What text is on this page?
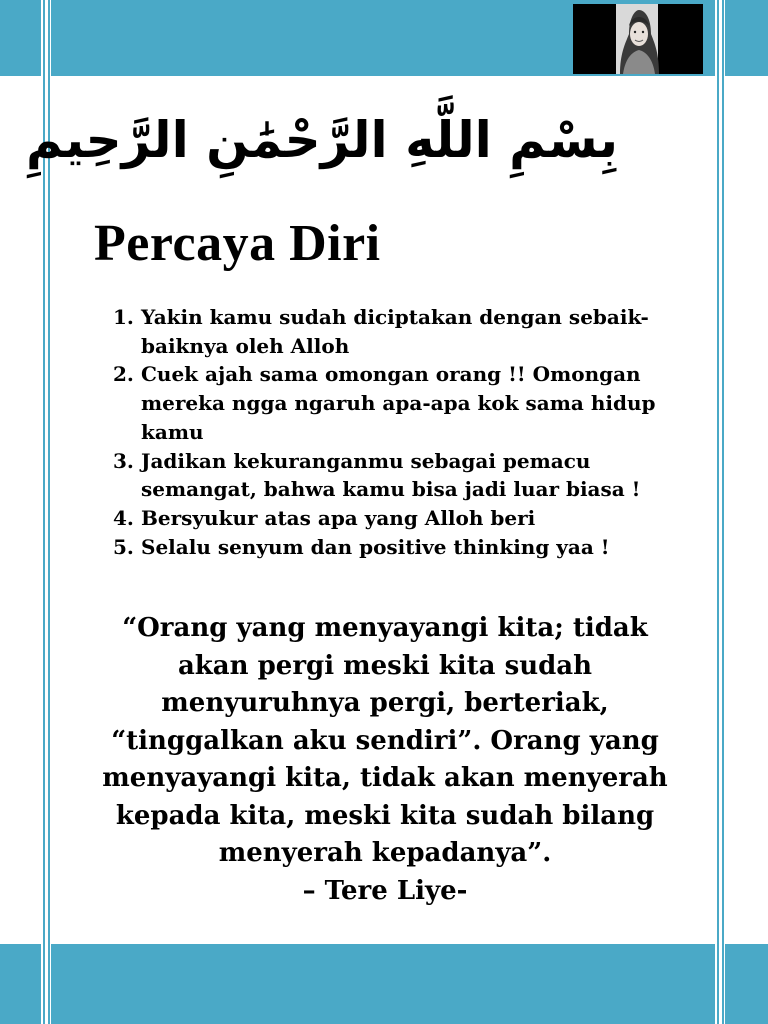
بِسْمِ اللَّهِ الرَّحْمَٰنِ الرَّحِيمِ
Percaya Diri
1. Yakin kamu sudah diciptakan dengan sebaik-baiknya oleh Alloh
2. Cuek ajah sama omongan orang !! Omongan mereka ngga ngaruh apa-apa kok sama hidup kamu
3. Jadikan kekuranganmu sebagai pemacu semangat, bahwa kamu bisa jadi luar biasa !
4. Bersyukur atas apa yang Alloh beri
5. Selalu senyum dan positive thinking yaa !
“Orang yang menyayangi kita; tidak akan pergi meski kita sudah menyuruhnya pergi, berteriak, “tinggalkan aku sendiri”. Orang yang menyayangi kita, tidak akan menyerah kepada kita, meski kita sudah bilang menyerah kepadanya”.
– Tere Liye-
